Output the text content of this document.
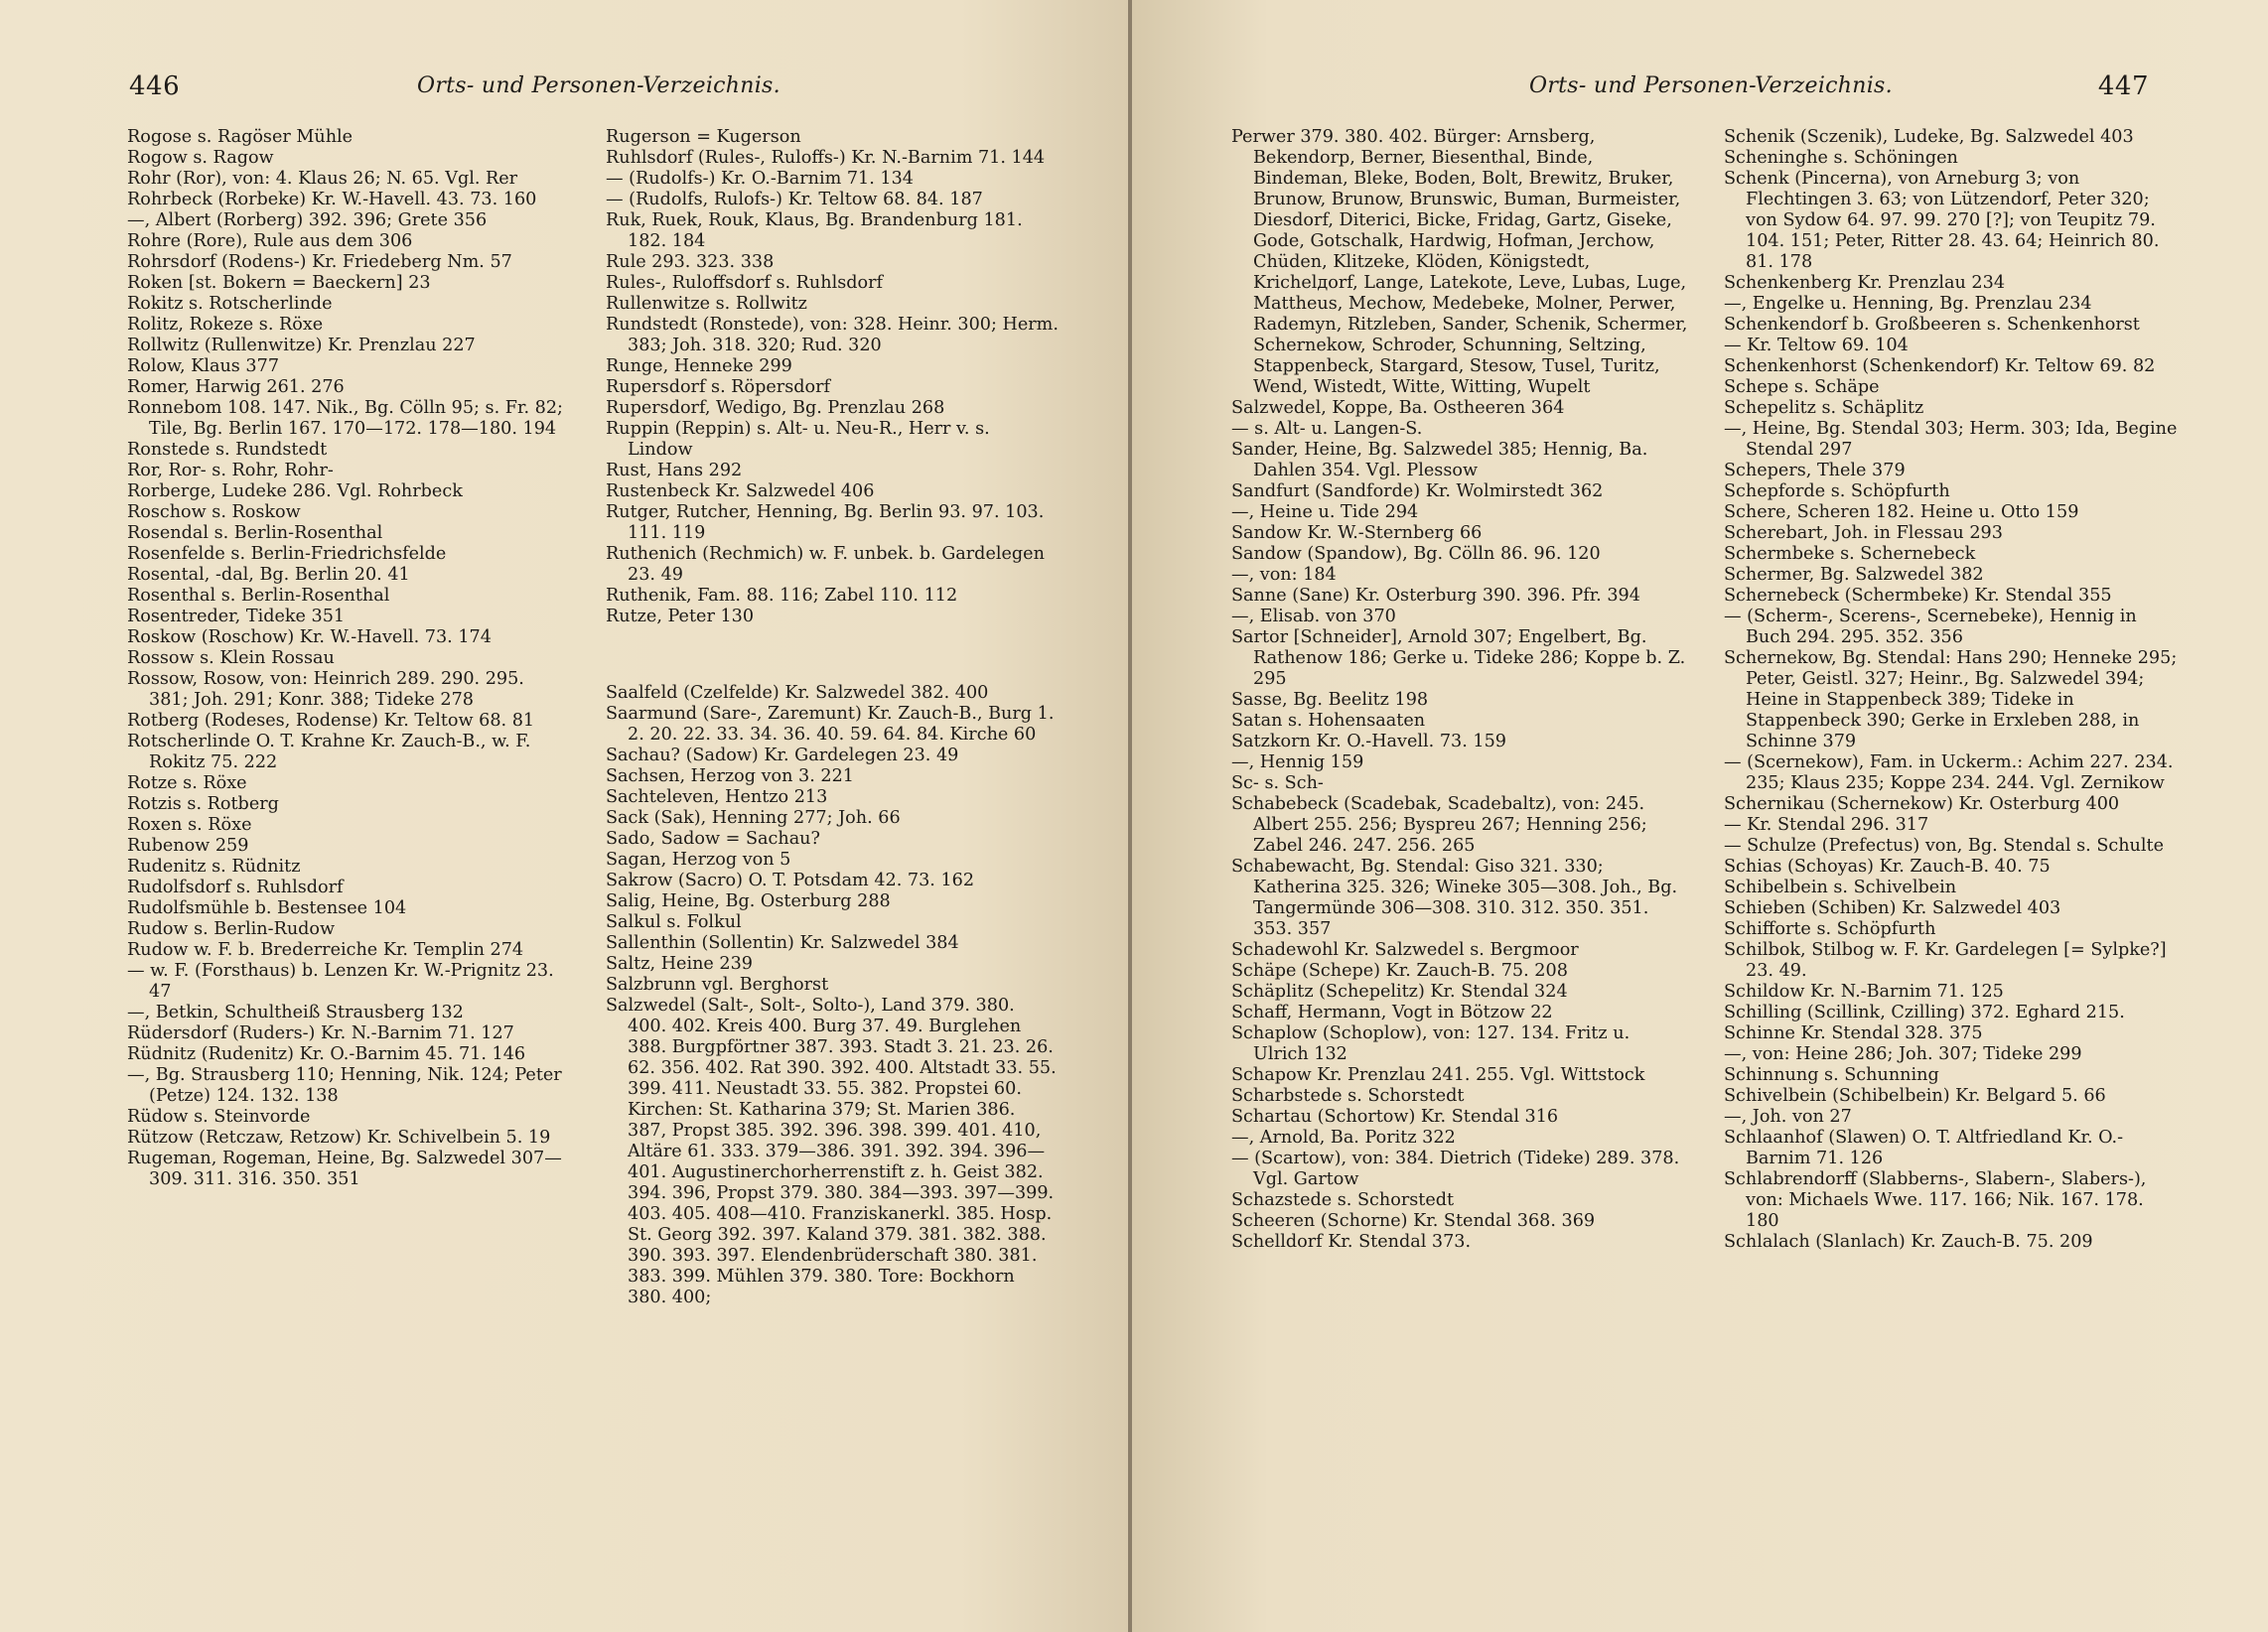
446	Orts- und Personen-Verzeichnis.

Rogose s. Ragöser Mühle

Rogow s. Ragow

Rohr (Ror), von: 4. Klaus 26; N. 65. Vgl. Rer

Rohrbeck (Rorbeke) Kr. W.-Havell. 43. 73. 160

—, Albert (Rorberg) 392. 396; Grete 356

Rohre (Rore), Rule aus dem 306

Rohrsdorf (Rodens-) Kr. Friedeberg Nm. 57

Roken [st. Bokern = Baeckern] 23

Rokitz s. Rotscherlinde

Rolitz, Rokeze s. Röxe

Rollwitz (Rullenwitze) Kr. Prenzlau 227

Rolow, Klaus 377

Romer, Harwig 261. 276

Ronnebom 108. 147. Nik., Bg. Cölln 95; s. Fr. 82; Tile, Bg. Berlin 167. 170—172. 178—180. 194

Ronstede s. Rundstedt

Ror, Ror- s. Rohr, Rohr-

Rorberge, Ludeke 286. Vgl. Rohrbeck

Roschow s. Roskow

Rosendal s. Berlin-Rosenthal

Rosenfelde s. Berlin-Friedrichsfelde

Rosental, -dal, Bg. Berlin 20. 41

Rosenthal s. Berlin-Rosenthal

Rosentreder, Tideke 351

Roskow (Roschow) Kr. W.-Havell. 73. 174

Rossow s. Klein Rossau

Rossow, Rosow, von: Heinrich 289. 290. 295. 381; Joh. 291; Konr. 388; Tideke 278

Rotberg (Rodeses, Rodense) Kr. Teltow 68. 81

Rotscherlinde O. T. Krahne Kr. Zauch-B., w. F. Rokitz 75. 222

Rotze s. Röxe

Rotzis s. Rotberg

Roxen s. Röxe

Rubenow 259

Rudenitz s. Rüdnitz

Rudolfsdorf s. Ruhlsdorf

Rudolfsmühle b. Bestensee 104

Rudow s. Berlin-Rudow

Rudow w. F. b. Brederreiche Kr. Templin 274

— w. F. (Forsthaus) b. Lenzen Kr. W.-Prignitz 23. 47

—, Betkin, Schultheiß Strausberg 132

Rüdersdorf (Ruders-) Kr. N.-Barnim 71. 127

Rüdnitz (Rudenitz) Kr. O.-Barnim 45. 71. 146

—, Bg. Strausberg 110; Henning, Nik. 124; Peter (Petze) 124. 132. 138

Rüdow s. Steinvorde

Rützow (Retczaw, Retzow) Kr. Schivelbein 5. 19

Rugeman, Rogeman, Heine, Bg. Salzwedel 307—309. 311. 316. 350. 351

Rugerson = Kugerson

Ruhlsdorf (Rules-, Ruloffs-) Kr. N.-Barnim 71. 144

— (Rudolfs-) Kr. O.-Barnim 71. 134

— (Rudolfs, Rulofs-) Kr. Teltow 68. 84. 187

Ruk, Ruek, Rouk, Klaus, Bg. Brandenburg 181. 182. 184

Rule 293. 323. 338

Rules-, Ruloffsdorf s. Ruhlsdorf

Rullenwitze s. Rollwitz

Rundstedt (Ronstede), von: 328. Heinr. 300; Herm. 383; Joh. 318. 320; Rud. 320

Runge, Henneke 299

Rupersdorf s. Röpersdorf

Rupersdorf, Wedigo, Bg. Prenzlau 268

Ruppin (Reppin) s. Alt- u. Neu-R., Herr v. s. Lindow

Rust, Hans 292

Rustenbeck Kr. Salzwedel 406

Rutger, Rutcher, Henning, Bg. Berlin 93. 97. 103. 111. 119

Ruthenich (Rechmich) w. F. unbek. b. Gardelegen 23. 49

Ruthenik, Fam. 88. 116; Zabel 110. 112

Rutze, Peter 130

Saalfeld (Czelfelde) Kr. Salzwedel 382. 400

Saarmund (Sare-, Zaremunt) Kr. Zauch-B., Burg 1. 2. 20. 22. 33. 34. 36. 40. 59. 64. 84. Kirche 60

Sachau? (Sadow) Kr. Gardelegen 23. 49

Sachsen, Herzog von 3. 221

Sachteleven, Hentzo 213

Sack (Sak), Henning 277; Joh. 66

Sado, Sadow = Sachau?

Sagan, Herzog von 5

Sakrow (Sacro) O. T. Potsdam 42. 73. 162

Salig, Heine, Bg. Osterburg 288

Salkul s. Folkul

Sallenthin (Sollentin) Kr. Salzwedel 384

Saltz, Heine 239

Salzbrunn vgl. Berghorst

Salzwedel (Salt-, Solt-, Solto-), Land 379. 380. 400. 402. Kreis 400. Burg 37. 49. Burglehen 388. Burgpförtner 387. 393. Stadt 3. 21. 23. 26. 62. 356. 402. Rat 390. 392. 400. Altstadt 33. 55. 399. 411. Neustadt 33. 55. 382. Propstei 60. Kirchen: St. Katharina 379; St. Marien 386. 387, Propst 385. 392. 396. 398. 399. 401. 410, Altäre 61. 333. 379—386. 391. 392. 394. 396—401. Augustinerchorherrenstift z. h. Geist 382. 394. 396, Propst 379. 380. 384—393. 397—399. 403. 405. 408—410. Franziskanerkl. 385. Hosp. St. Georg 392. 397. Kaland 379. 381. 382. 388. 390. 393. 397. Elendenbrüderschaft 380. 381. 383. 399. Mühlen 379. 380. Tore: Bockhorn 380. 400;

447
Orts- und Personen-Verzeichnis.

Perwer 379. 380. 402. Bürger: Arnsberg, Bekendorp, Berner, Biesenthal, Binde, Bindeman, Bleke, Boden, Bolt, Brewitz, Bruker, Brunow, Brunow, Brunswic, Buman, Burmeister, Diesdorf, Diterici, Bicke, Fridag, Gartz, Giseke, Gode, Gotschalk, Hardwig, Hofman, Jerchow, Chüden, Klitzeke, Klöden, Königstedt, Krichelдorf, Lange, Latekote, Leve, Lubas, Luge, Mattheus, Mechow, Medebeke, Molner, Perwer, Rademyn, Ritzleben, Sander, Schenik, Schermer, Schernekow, Schroder, Schunning, Seltzing, Stappenbeck, Stargard, Stesow, Tusel, Turitz, Wend, Wistedt, Witte, Witting, Wupelt

Salzwedel, Koppe, Ba. Ostheeren 364

— s. Alt- u. Langen-S.

Sander, Heine, Bg. Salzwedel 385; Hennig, Ba. Dahlen 354. Vgl. Plessow

Sandfurt (Sandforde) Kr. Wolmirstedt 362

—, Heine u. Tide 294

Sandow Kr. W.-Sternberg 66

Sandow (Spandow), Bg. Cölln 86. 96. 120

—, von: 184

Sanne (Sane) Kr. Osterburg 390. 396. Pfr. 394

—, Elisab. von 370

Sartor [Schneider], Arnold 307; Engelbert, Bg. Rathenow 186; Gerke u. Tideke 286; Koppe b. Z. 295

Sasse, Bg. Beelitz 198

Satan s. Hohensaaten

Satzkorn Kr. O.-Havell. 73. 159

—, Hennig 159

Sc- s. Sch-

Schabebeck (Scadebak, Scadebaltz), von: 245. Albert 255. 256; Byspreu 267; Henning 256; Zabel 246. 247. 256. 265

Schabewacht, Bg. Stendal: Giso 321. 330; Katherina 325. 326; Wineke 305—308. Joh., Bg. Tangermünde 306—308. 310. 312. 350. 351. 353. 357

Schadewohl Kr. Salzwedel s. Bergmoor

Schäpe (Schepe) Kr. Zauch-B. 75. 208

Schäplitz (Schepelitz) Kr. Stendal 324

Schaff, Hermann, Vogt in Bötzow 22

Schaplow (Schoplow), von: 127. 134. Fritz u. Ulrich 132

Schapow Kr. Prenzlau 241. 255. Vgl. Wittstock

Scharbstede s. Schorstedt

Schartau (Schortow) Kr. Stendal 316

—, Arnold, Ba. Poritz 322

— (Scartow), von: 384. Dietrich (Tideke) 289. 378. Vgl. Gartow

Schazstede s. Schorstedt

Scheeren (Schorne) Kr. Stendal 368. 369

Schelldorf Kr. Stendal 373.

Schenik (Sczenik), Ludeke, Bg. Salzwedel 403

Scheninghe s. Schöningen

Schenk (Pincerna), von Arneburg 3; von Flechtingen 3. 63; von Lützendorf, Peter 320; von Sydow 64. 97. 99. 270 [?]; von Teupitz 79. 104. 151; Peter, Ritter 28. 43. 64; Heinrich 80. 81. 178

Schenkenberg Kr. Prenzlau 234

—, Engelke u. Henning, Bg. Prenzlau 234

Schenkendorf b. Großbeeren s. Schenkenhorst

— Kr. Teltow 69. 104

Schenkenhorst (Schenkendorf) Kr. Teltow 69. 82

Schepe s. Schäpe

Schepelitz s. Schäplitz

—, Heine, Bg. Stendal 303; Herm. 303; Ida, Begine Stendal 297

Schepers, Thele 379

Schepforde s. Schöpfurth

Schere, Scheren 182. Heine u. Otto 159

Scherebart, Joh. in Flessau 293

Schermbeke s. Schernebeck

Schermer, Bg. Salzwedel 382

Schernebeck (Schermbeke) Kr. Stendal 355

— (Scherm-, Scerens-, Scernebeke), Hennig in Buch 294. 295. 352. 356

Schernekow, Bg. Stendal: Hans 290; Henneke 295; Peter, Geistl. 327; Heinr., Bg. Salzwedel 394; Heine in Stappenbeck 389; Tideke in Stappenbeck 390; Gerke in Erxleben 288, in Schinne 379

— (Scernekow), Fam. in Uckerm.: Achim 227. 234. 235; Klaus 235; Koppe 234. 244. Vgl. Zernikow

Schernikau (Schernekow) Kr. Osterburg 400

— Kr. Stendal 296. 317

— Schulze (Prefectus) von, Bg. Stendal s. Schulte

Schias (Schoyas) Kr. Zauch-B. 40. 75

Schibelbein s. Schivelbein

Schieben (Schiben) Kr. Salzwedel 403

Schifforte s. Schöpfurth

Schilbok, Stilbog w. F. Kr. Gardelegen [= Sylpke?] 23. 49.

Schildow Kr. N.-Barnim 71. 125

Schilling (Scillink, Czilling) 372. Eghard 215.

Schinne Kr. Stendal 328. 375

—, von: Heine 286; Joh. 307; Tideke 299

Schinnung s. Schunning

Schivelbein (Schibelbein) Kr. Belgard 5. 66

—, Joh. von 27

Schlaanhof (Slawen) O. T. Altfriedland Kr. O.-Barnim 71. 126

Schlabrendorff (Slabberns-, Slabern-, Slabers-), von: Michaels Wwe. 117. 166; Nik. 167. 178. 180

Schlalach (Slanlach) Kr. Zauch-B. 75. 209
